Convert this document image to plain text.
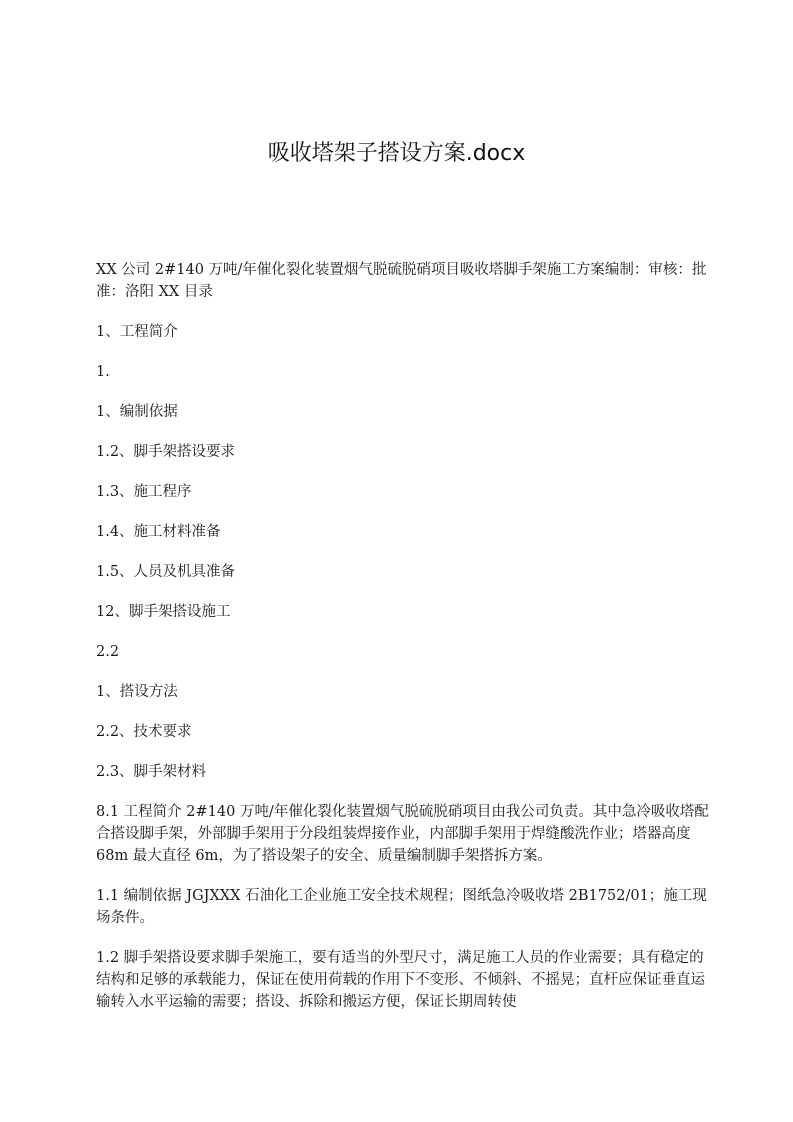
吸收塔架子搭设方案.docx

XX 公司 2#140 万吨/年催化裂化装置烟气脱硫脱硝项目吸收塔脚手架施工方案编制：审核：批准：洛阳 XX 目录

1、工程简介

1.

1、编制依据

1.2、脚手架搭设要求

1.3、施工程序

1.4、施工材料准备

1.5、人员及机具准备

12、脚手架搭设施工

2.2

1、搭设方法

2.2、技术要求

2.3、脚手架材料

8.1 工程简介 2#140 万吨/年催化裂化装置烟气脱硫脱硝项目由我公司负责。其中急冷吸收塔配合搭设脚手架，外部脚手架用于分段组装焊接作业，内部脚手架用于焊缝酸洗作业；塔器高度 68m 最大直径 6m，为了搭设架子的安全、质量编制脚手架搭拆方案。

1.1 编制依据 JGJXXX 石油化工企业施工安全技术规程；图纸急冷吸收塔 2B1752/01；施工现场条件。

1.2 脚手架搭设要求脚手架施工，要有适当的外型尺寸，满足施工人员的作业需要；具有稳定的结构和足够的承载能力，保证在使用荷载的作用下不变形、不倾斜、不摇晃；直杆应保证垂直运输转入水平运输的需要；搭设、拆除和搬运方便，保证长期周转使
